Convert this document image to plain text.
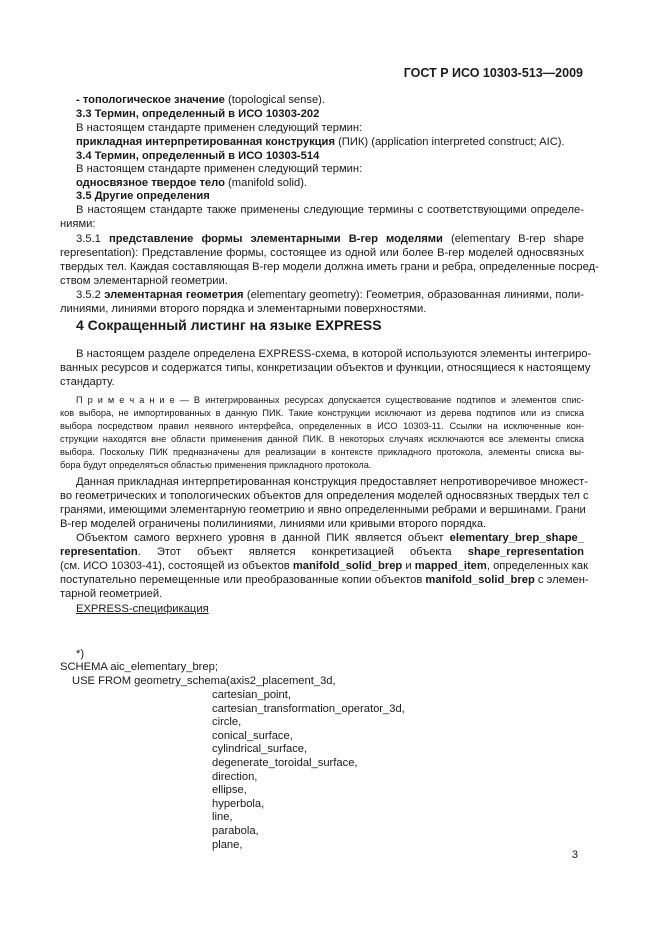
ГОСТ Р ИСО 10303-513—2009
- топологическое значение (topological sense).
3.3 Термин, определенный в ИСО 10303-202
В настоящем стандарте применен следующий термин:
прикладная интерпретированная конструкция (ПИК) (application interpreted construct; AIC).
3.4 Термин, определенный в ИСО 10303-514
В настоящем стандарте применен следующий термин:
односвязное твердое тело (manifold solid).
3.5 Другие определения
В настоящем стандарте также применены следующие термины с соответствующими определе-
ниями:
3.5.1 представление формы элементарными B-rep моделями (elementary B-rep shape
representation): Представление формы, состоящее из одной или более B-rep моделей односвязных
твердых тел. Каждая составляющая B-rep модели должна иметь грани и ребра, определенные посред-
ством элементарной геометрии.
3.5.2 элементарная геометрия (elementary geometry): Геометрия, образованная линиями, поли-
линиями, линиями второго порядка и элементарными поверхностями.
4 Сокращенный листинг на языке EXPRESS
В настоящем разделе определена EXPRESS-схема, в которой используются элементы интегриро-
ванных ресурсов и содержатся типы, конкретизации объектов и функции, относящиеся к настоящему
стандарту.
П р и м е ч а н и е — В интегрированных ресурсах допускается существование подтипов и элементов спис-
ков выбора, не импортированных в данную ПИК. Такие конструкции исключают из дерева подтипов или из списка
выбора посредством правил неявного интерфейса, определенных в ИСО 10303-11. Ссылки на исключенные кон-
струкции находятся вне области применения данной ПИК. В некоторых случаях исключаются все элементы списка
выбора. Поскольку ПИК предназначены для реализации в контексте прикладного протокола, элементы списка вы-
бора будут определяться областью применения прикладного протокола.
Данная прикладная интерпретированная конструкция предоставляет непротиворечивое множест-
во геометрических и топологических объектов для определения моделей односвязных твердых тел с
гранями, имеющими элементарную геометрию и явно определенными ребрами и вершинами. Грани
B-rep моделей ограничены полилиниями, линиями или кривыми второго порядка.
Объектом самого верхнего уровня в данной ПИК является объект elementary_brep_shape_
representation. Этот объект является конкретизацией объекта shape_representation
(см. ИСО 10303-41), состоящей из объектов manifold_solid_brep и mapped_item, определенных как
поступательно перемещенные или преобразованные копии объектов manifold_solid_brep с элемен-
тарной геометрией.
EXPRESS-спецификация
*)
SCHEMA aic_elementary_brep;
USE FROM geometry_schema(axis2_placement_3d,
cartesian_point,
cartesian_transformation_operator_3d,
circle,
conical_surface,
cylindrical_surface,
degenerate_toroidal_surface,
direction,
ellipse,
hyperbola,
line,
parabola,
plane,
3
